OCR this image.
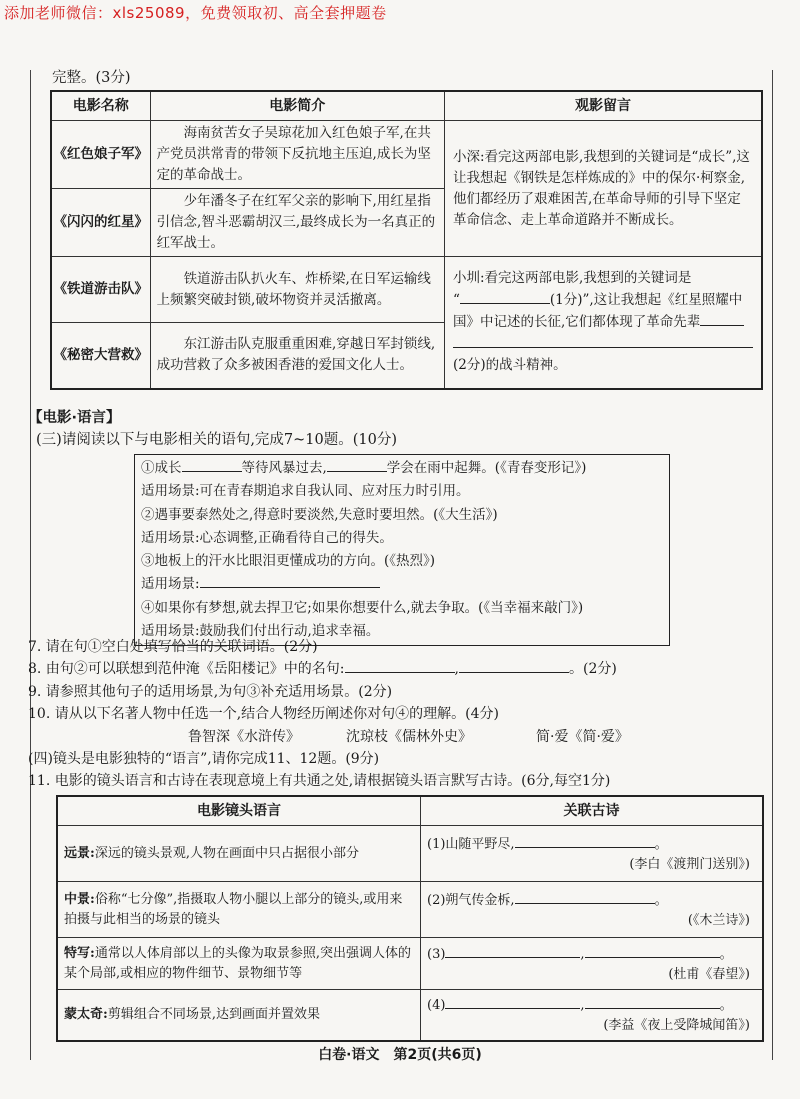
添加老师微信：xls25089，免费领取初、高全套押题卷
完整。(3分)
电影名称	电影简介	观影留言
《红色娘子军》	海南贫苦女子吴琼花加入红色娘子军,在共产党员洪常青的带领下反抗地主压迫,成长为坚定的革命战士。	小深:看完这两部电影,我想到的关键词是“成长”,这让我想起《钢铁是怎样炼成的》中的保尔·柯察金,他们都经历了艰难困苦,在革命导师的引导下坚定革命信念、走上革命道路并不断成长。
《闪闪的红星》	少年潘冬子在红军父亲的影响下,用红星指引信念,智斗恶霸胡汉三,最终成长为一名真正的红军战士。	
《铁道游击队》	铁道游击队扒火车、炸桥梁,在日军运输线上频繁突破封锁,破坏物资并灵活撤离。	小圳:看完这两部电影,我想到的关键词是
“ (1分)”,这让我想起《红星照耀中国》中记述的长征,它们都体现了革命先辈

(2分)的战斗精神。
《秘密大营救》	东江游击队克服重重困难,穿越日军封锁线,成功营救了众多被困香港的爱国文化人士。	
【电影·语言】
(三)请阅读以下与电影相关的语句,完成7~10题。(10分)
①成长	等待风暴过去,	学会在雨中起舞。(《青春变形记》)
适用场景:可在青春期追求自我认同、应对压力时引用。
②遇事要泰然处之,得意时要淡然,失意时要坦然。(《大生活》)
适用场景:心态调整,正确看待自己的得失。
③地板上的汗水比眼泪更懂成功的方向。(《热烈》)
适用场景:
④如果你有梦想,就去捍卫它;如果你想要什么,就去争取。(《当幸福来敲门》)
适用场景:鼓励我们付出行动,追求幸福。
7. 请在句①空白处填写恰当的关联词语。(2分)
8. 由句②可以联想到范仲淹《岳阳楼记》中的名句:	,	。(2分)
9. 请参照其他句子的适用场景,为句③补充适用场景。(2分)
10. 请从以下名著人物中任选一个,结合人物经历阐述你对句④的理解。(4分)
鲁智深《水浒传》	沈琼枝《儒林外史》	简·爱《简·爱》
(四)镜头是电影独特的“语言”,请你完成11、12题。(9分)
11. 电影的镜头语言和古诗在表现意境上有共通之处,请根据镜头语言默写古诗。(6分,每空1分)
电影镜头语言	关联古诗
远景:深远的镜头景观,人物在画面中只占据很小部分	(1)山随平野尽, 。
(李白《渡荆门送别》)

中景:俗称“七分像”,指摄取人物小腿以上部分的镜头,或用来拍摄与此相当的场景的镜头	(2)朔气传金柝, 。
(《木兰诗》)

特写:通常以人体肩部以上的头像为取景参照,突出强调人体的某个局部,或相应的物件细节、景物细节等	(3) , 。
(杜甫《春望》)

蒙太奇:剪辑组合不同场景,达到画面并置效果	(4) , 。
(李益《夜上受降城闻笛》)
白卷·语文　第2页(共6页)
